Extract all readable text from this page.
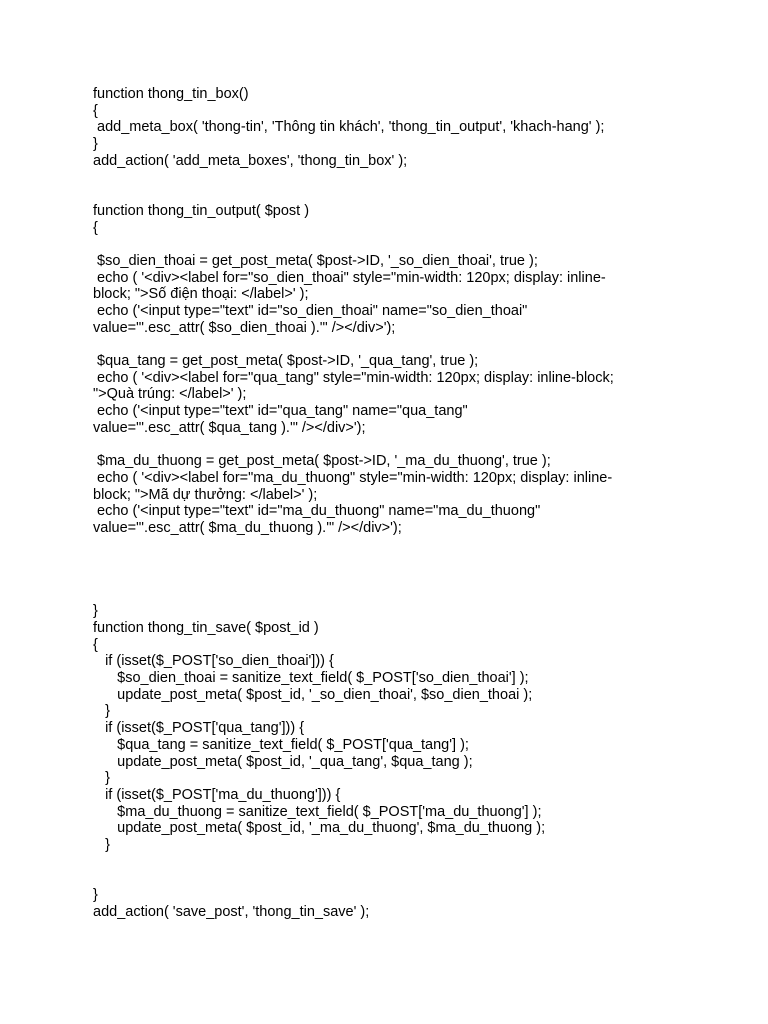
function thong_tin_box()
{
add_meta_box( 'thong-tin', 'Thông tin khách', 'thong_tin_output', 'khach-hang' );
}
add_action( 'add_meta_boxes', 'thong_tin_box' );
function thong_tin_output( $post )
{
$so_dien_thoai = get_post_meta( $post->ID, '_so_dien_thoai', true );
echo ( '<div><label for="so_dien_thoai" style="min-width: 120px; display: inline-
block; ">Số điện thoại: </label>' );
echo ('<input type="text" id="so_dien_thoai" name="so_dien_thoai"
value="'.esc_attr( $so_dien_thoai ).'" /></div>');
$qua_tang = get_post_meta( $post->ID, '_qua_tang', true );
echo ( '<div><label for="qua_tang" style="min-width: 120px; display: inline-block;
">Quà trúng: </label>' );
echo ('<input type="text" id="qua_tang" name="qua_tang"
value="'.esc_attr( $qua_tang ).'" /></div>');
$ma_du_thuong = get_post_meta( $post->ID, '_ma_du_thuong', true );
echo ( '<div><label for="ma_du_thuong" style="min-width: 120px; display: inline-
block; ">Mã dự thưởng: </label>' );
echo ('<input type="text" id="ma_du_thuong" name="ma_du_thuong"
value="'.esc_attr( $ma_du_thuong ).'" /></div>');
}
function thong_tin_save( $post_id )
{
if (isset($_POST['so_dien_thoai'])) {
$so_dien_thoai = sanitize_text_field( $_POST['so_dien_thoai'] );
update_post_meta( $post_id, '_so_dien_thoai', $so_dien_thoai );
}
if (isset($_POST['qua_tang'])) {
$qua_tang = sanitize_text_field( $_POST['qua_tang'] );
update_post_meta( $post_id, '_qua_tang', $qua_tang );
}
if (isset($_POST['ma_du_thuong'])) {
$ma_du_thuong = sanitize_text_field( $_POST['ma_du_thuong'] );
update_post_meta( $post_id, '_ma_du_thuong', $ma_du_thuong );
}
}
add_action( 'save_post', 'thong_tin_save' );
